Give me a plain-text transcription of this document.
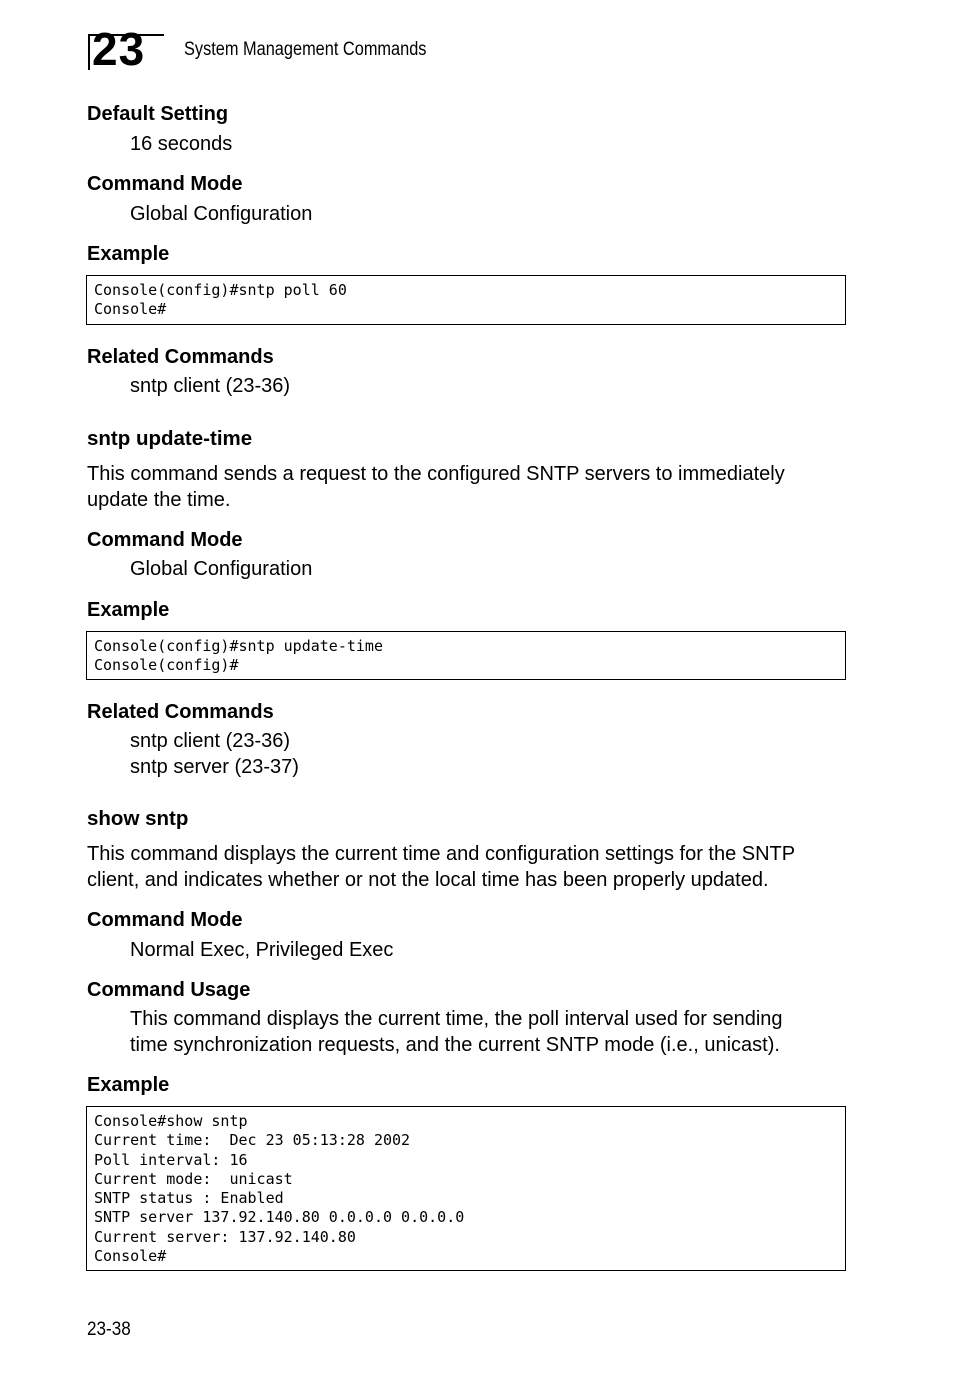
23 System Management Commands
Default Setting
16 seconds
Command Mode
Global Configuration
Example
Console(config)#sntp poll 60
Console#
Related Commands
sntp client (23-36)
sntp update-time
This command sends a request to the configured SNTP servers to immediately
update the time.
Command Mode
Global Configuration
Example
Console(config)#sntp update-time
Console(config)#
Related Commands
sntp client (23-36)
sntp server (23-37)
show sntp
This command displays the current time and configuration settings for the SNTP
client, and indicates whether or not the local time has been properly updated.
Command Mode
Normal Exec, Privileged Exec
Command Usage
This command displays the current time, the poll interval used for sending
time synchronization requests, and the current SNTP mode (i.e., unicast).
Example
Console#show sntp
Current time:  Dec 23 05:13:28 2002
Poll interval: 16
Current mode:  unicast
SNTP status : Enabled
SNTP server 137.92.140.80 0.0.0.0 0.0.0.0
Current server: 137.92.140.80
Console#
23-38
